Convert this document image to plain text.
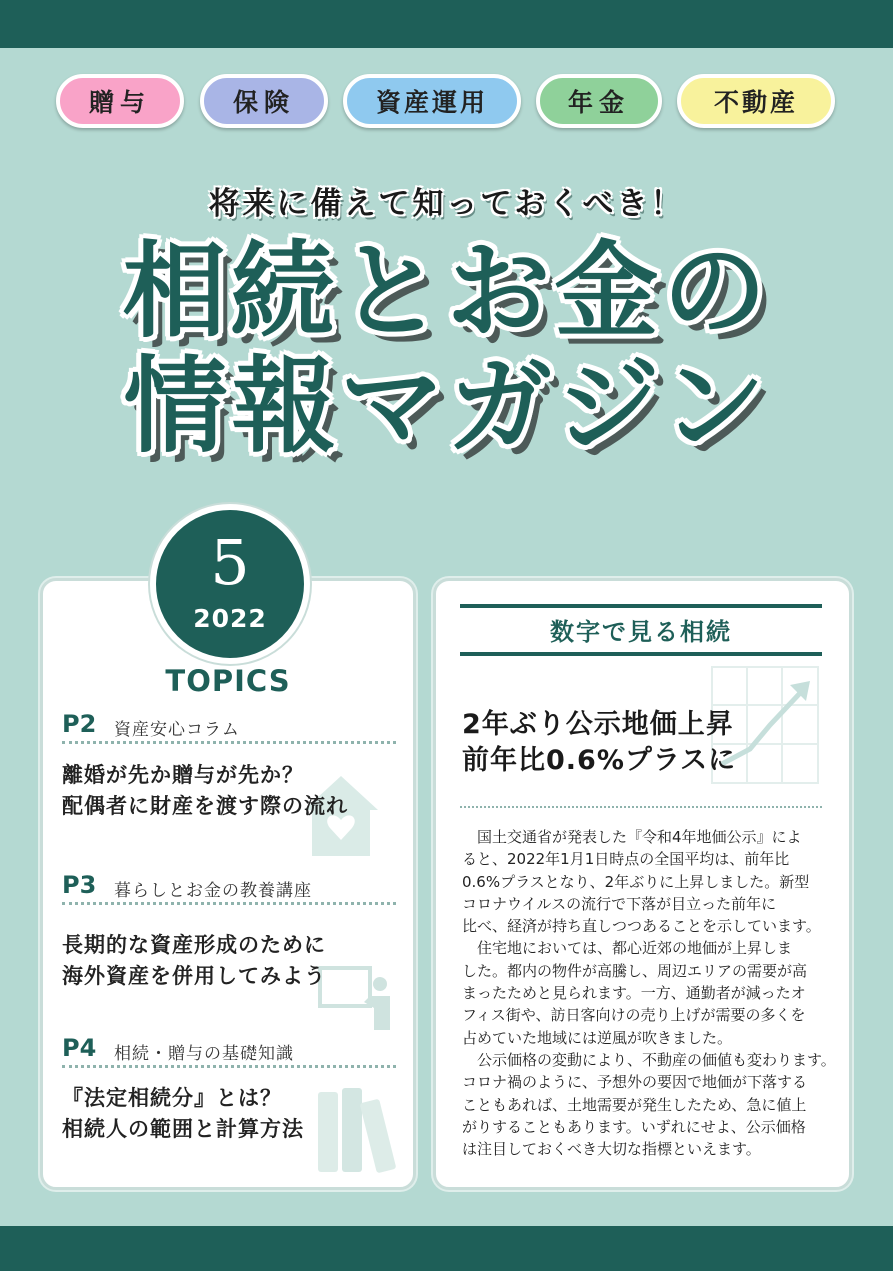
贈与	保険	資産運用	年金	不動産
将来に備えて知っておくべき！
相続とお金の
情報マガジン
5
2022
TOPICS
P2 資産安心コラム
離婚が先か贈与が先か？
配偶者に財産を渡す際の流れ
P3 暮らしとお金の教養講座
長期的な資産形成のために
海外資産を併用してみよう
P4 相続・贈与の基礎知識
『法定相続分』とは？
相続人の範囲と計算方法
数字で見る相続
2年ぶり公示地価上昇
前年比0.6%プラスに

　国土交通省が発表した『令和4年地価公示』によ

ると、2022年1月1日時点の全国平均は、前年比

0.6%プラスとなり、2年ぶりに上昇しました。新型

コロナウイルスの流行で下落が目立った前年に

比べ、経済が持ち直しつつあることを示しています。

　住宅地においては、都心近郊の地価が上昇しま

した。都内の物件が高騰し、周辺エリアの需要が高

まったためと見られます。一方、通勤者が減ったオ

フィス街や、訪日客向けの売り上げが需要の多くを

占めていた地域には逆風が吹きました。

　公示価格の変動により、不動産の価値も変わります。

コロナ禍のように、予想外の要因で地価が下落する

こともあれば、土地需要が発生したため、急に値上

がりすることもあります。いずれにせよ、公示価格

は注目しておくべき大切な指標といえます。
